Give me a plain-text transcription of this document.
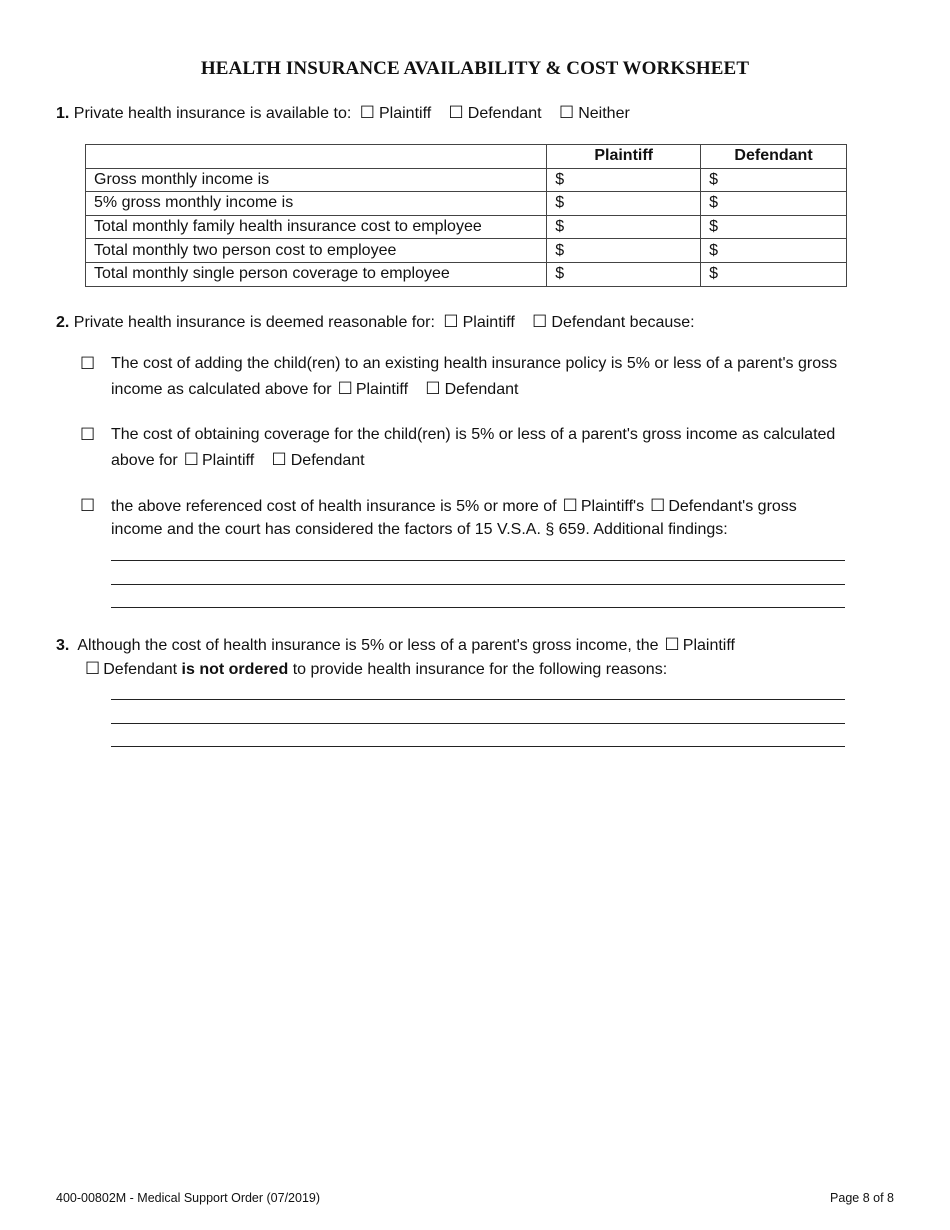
HEALTH INSURANCE AVAILABILITY & COST WORKSHEET
1. Private health insurance is available to: ☐ Plaintiff ☐ Defendant ☐ Neither
	Plaintiff	Defendant
Gross monthly income is	$	$
5% gross monthly income is	$	$
Total monthly family health insurance cost to employee	$	$
Total monthly two person cost to employee	$	$
Total monthly single person coverage to employee	$	$
2. Private health insurance is deemed reasonable for: ☐ Plaintiff ☐ Defendant because:
☐ The cost of adding the child(ren) to an existing health insurance policy is 5% or less of a parent's gross
income as calculated above for ☐ Plaintiff ☐ Defendant
☐ The cost of obtaining coverage for the child(ren) is 5% or less of a parent's gross income as calculated
above for ☐ Plaintiff ☐ Defendant
☐ the above referenced cost of health insurance is 5% or more of ☐ Plaintiff's ☐ Defendant's gross
income and the court has considered the factors of 15 V.S.A. § 659. Additional findings:
3. Although the cost of health insurance is 5% or less of a parent's gross income, the ☐ Plaintiff
☐ Defendant is not ordered to provide health insurance for the following reasons:
400-00802M - Medical Support Order (07/2019)	Page 8 of 8
